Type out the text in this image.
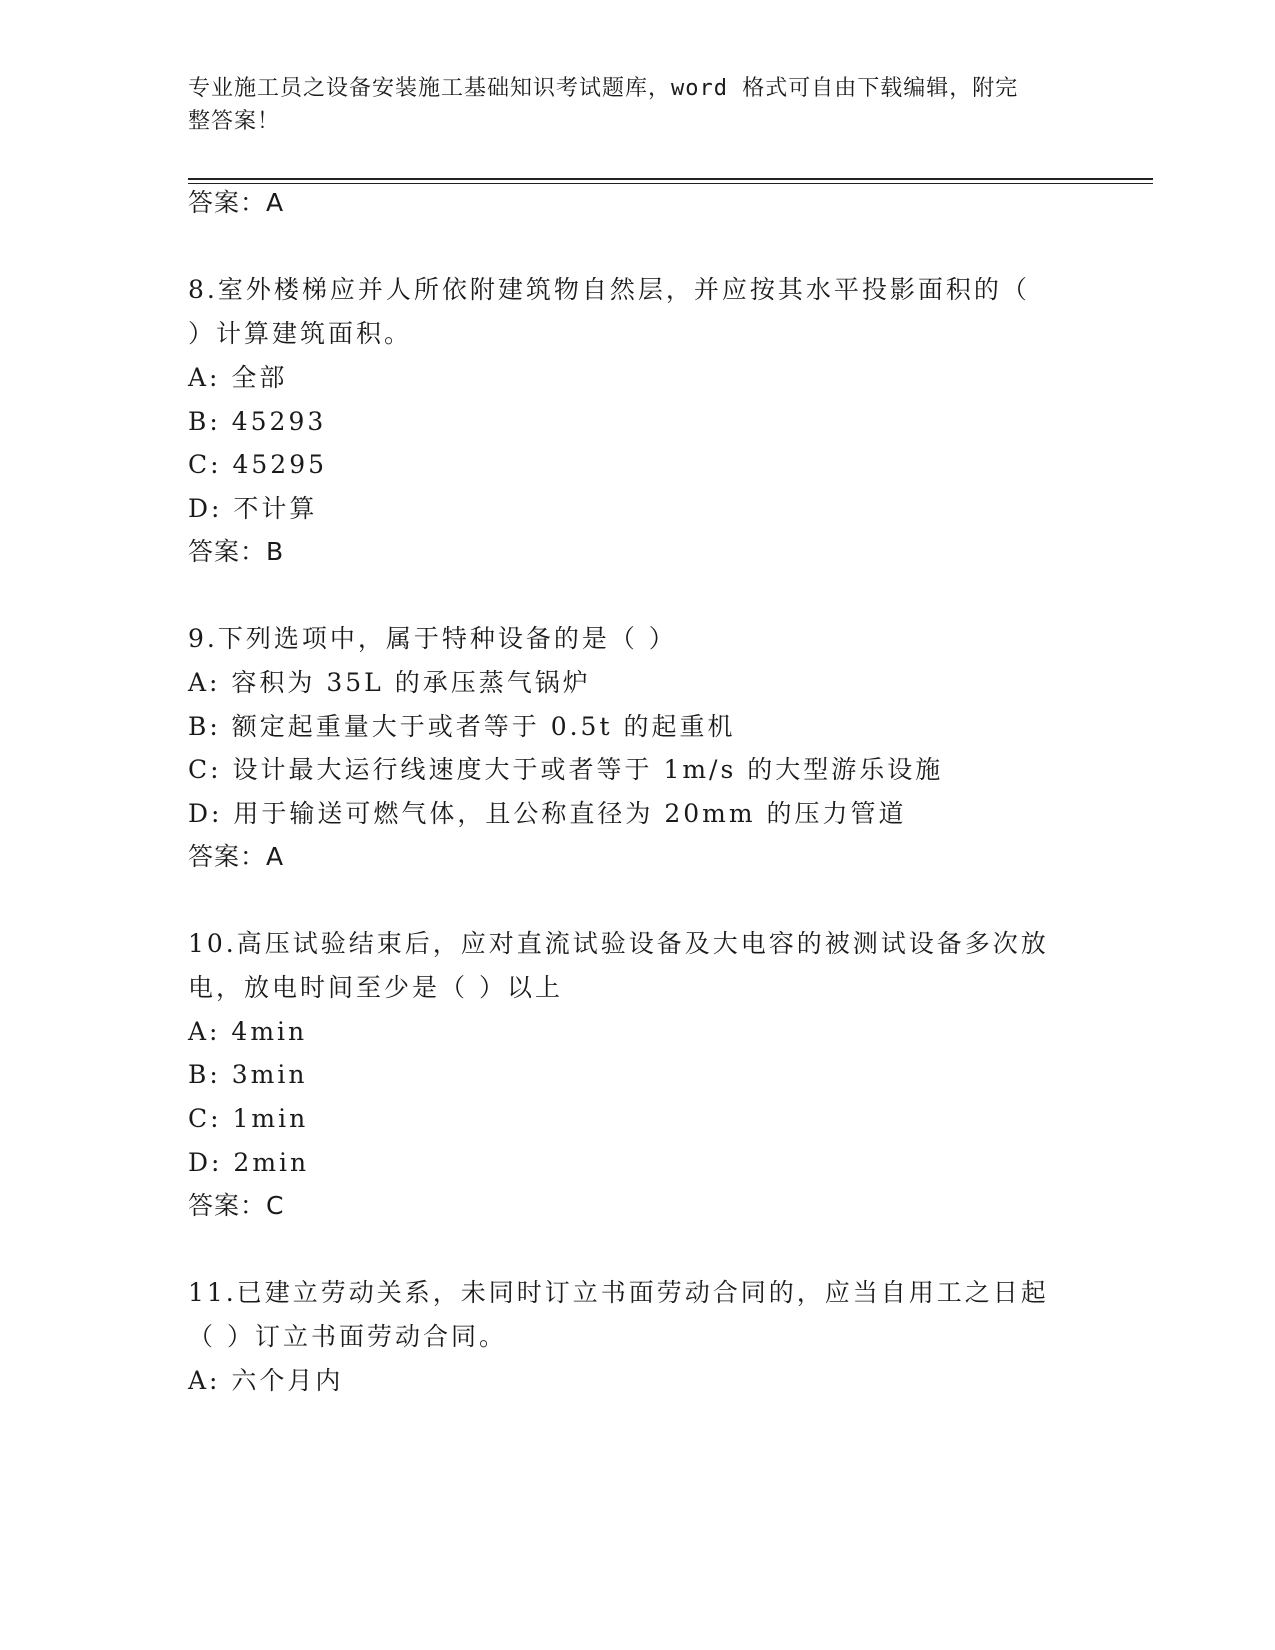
专业施工员之设备安装施工基础知识考试题库，word 格式可自由下载编辑，附完
整答案！
答案：A
8.室外楼梯应并人所依附建筑物自然层，并应按其水平投影面积的（
）计算建筑面积。
A: 全部
B: 45293
C: 45295
D: 不计算
答案：B
9.下列选项中，属于特种设备的是（ ）
A: 容积为 35L 的承压蒸气锅炉
B: 额定起重量大于或者等于 0.5t 的起重机
C: 设计最大运行线速度大于或者等于 1m/s 的大型游乐设施
D: 用于输送可燃气体，且公称直径为 20mm 的压力管道
答案：A
10.高压试验结束后，应对直流试验设备及大电容的被测试设备多次放
电，放电时间至少是（ ）以上
A: 4min
B: 3min
C: 1min
D: 2min
答案：C
11.已建立劳动关系，未同时订立书面劳动合同的，应当自用工之日起
（ ）订立书面劳动合同。
A: 六个月内
